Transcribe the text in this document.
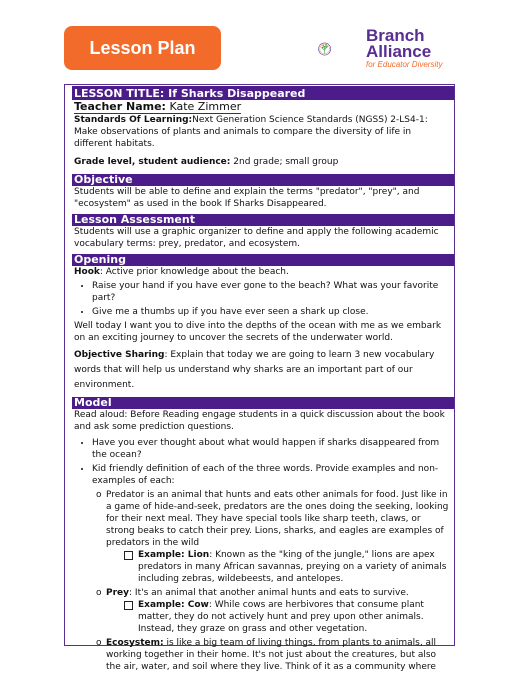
Lesson Plan
Branch
Alliance
for Educator Diversity
LESSON TITLE: If Sharks Disappeared
Teacher Name: Kate Zimmer

Standards Of Learning:Next Generation Science Standards (NGSS) 2-LS4-1: Make observations of plants and animals to compare the diversity of life in different habitats.

Grade level, student audience: 2nd grade; small group

Objective

Students will be able to define and explain the terms "predator", "prey", and "ecosystem" as used in the book If Sharks Disappeared.

Lesson Assessment

Students will use a graphic organizer to define and apply the following academic vocabulary terms: prey, predator, and ecosystem.

Opening

Hook: Active prior knowledge about the beach.

• Raise your hand if you have ever gone to the beach? What was your favorite part?
• Give me a thumbs up if you have ever seen a shark up close.

Well today I want you to dive into the depths of the ocean with me as we embark on an exciting journey to uncover the secrets of the underwater world.

Objective Sharing: Explain that today we are going to learn 3 new vocabulary words that will help us understand why sharks are an important part of our environment.

Model

Read aloud: Before Reading engage students in a quick discussion about the book and ask some prediction questions.

• Have you ever thought about what would happen if sharks disappeared from the ocean?
• Kid friendly definition of each of the three words. Provide examples and non-examples of each:
o Predator is an animal that hunts and eats other animals for food. Just like in a game of hide-and-seek, predators are the ones doing the seeking, looking for their next meal. They have special tools like sharp teeth, claws, or strong beaks to catch their prey. Lions, sharks, and eagles are examples of predators in the wild
Example: Lion: Known as the "king of the jungle," lions are apex predators in many African savannas, preying on a variety of animals including zebras, wildebeests, and antelopes.
o Prey: It's an animal that another animal hunts and eats to survive.
Example: Cow: While cows are herbivores that consume plant matter, they do not actively hunt and prey upon other animals. Instead, they graze on grass and other vegetation.
o Ecosystem: is like a big team of living things, from plants to animals, all working together in their home. It's not just about the creatures, but also the air, water, and soil where they live. Think of it as a community where
